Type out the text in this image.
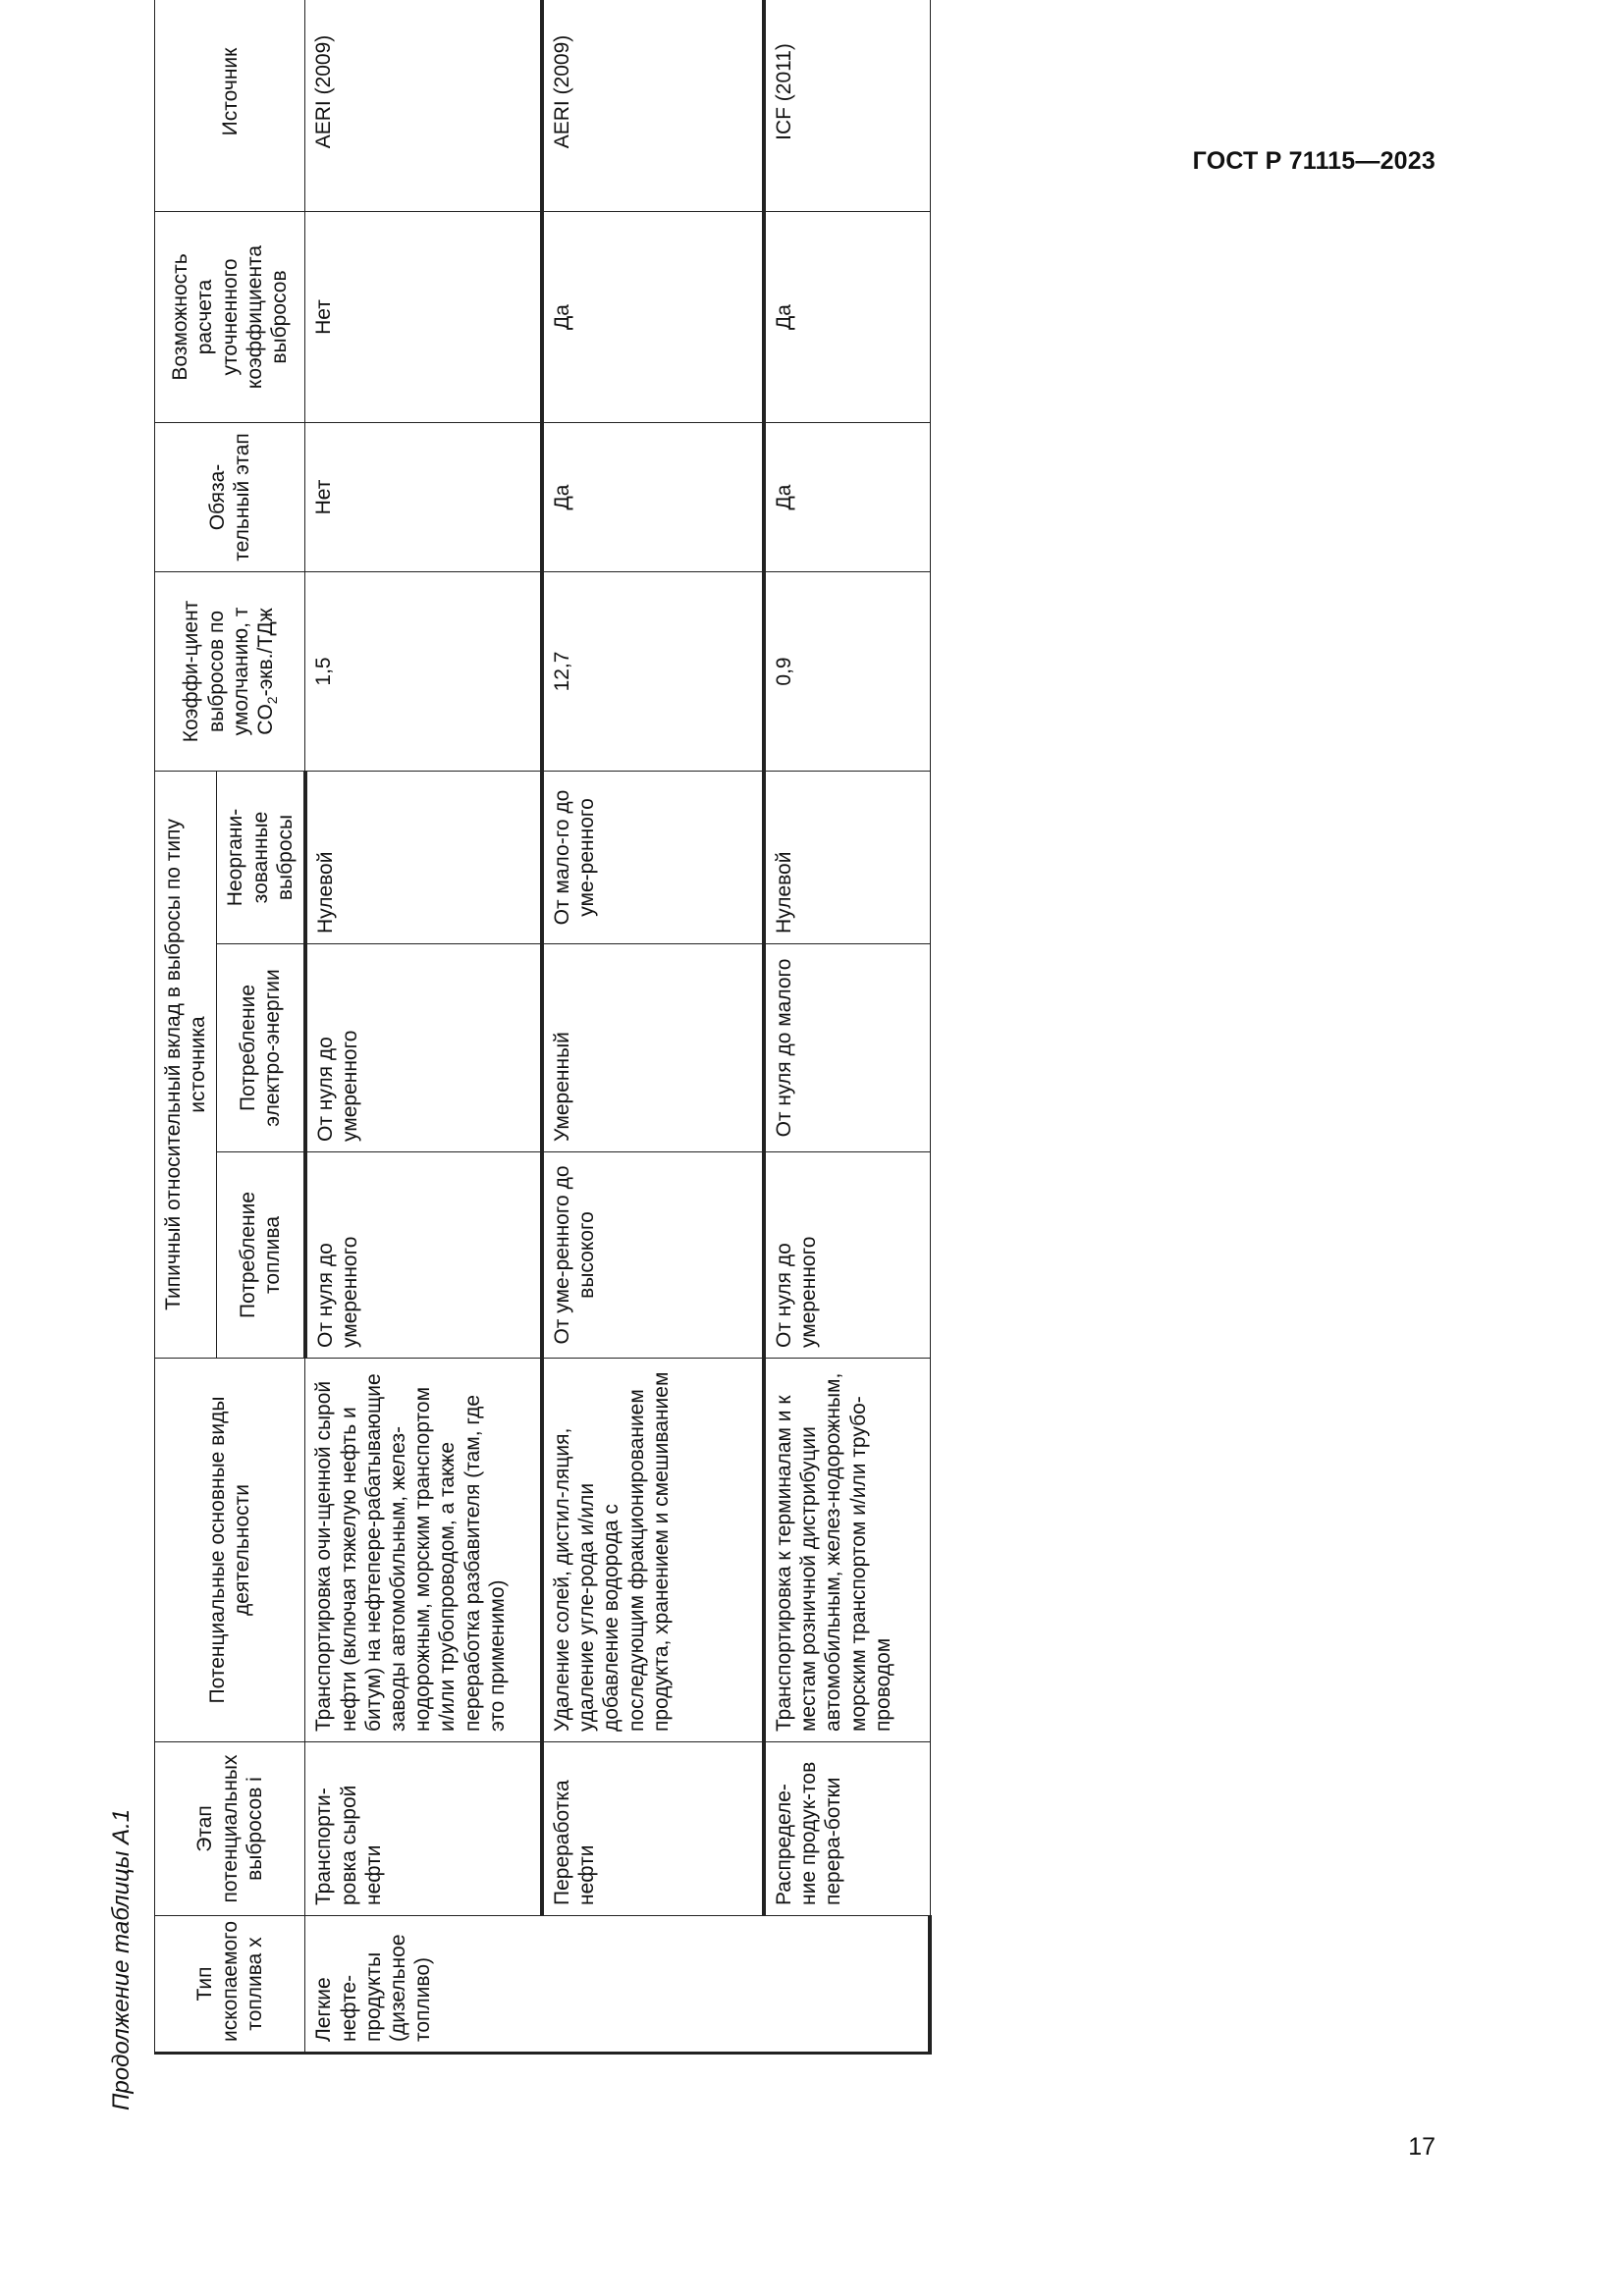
ГОСТ Р 71115—2023
Продолжение таблицы А.1	Тип ископаемого топлива x	Этап потенциальных выбросов i	Потенциальные основные виды деятельности	Типичный относительный вклад в выбросы по типу источника			Коэффи-циент выбросов по умолчанию, т $CO_2-экв$./ТДж	Обяза-тельный этап	Возможность расчета уточненного коэффициента выбросов	Источник
			Потребление топлива	Потребление электро-энергии	Неоргани-зованные выбросы				
Легкие нефте-продукты (дизельное топливо)	Транспорти-ровка сырой нефти	Транспортировка очи-щенной сырой нефти (включая тяжелую нефть и битум) на нефтепере-рабатывающие заводы автомобильным, желез-нодорожным, морским транспортом и/или трубопроводом, а также переработка разбавителя (там, где это применимо)	От нуля до умеренного	От нуля до умеренного	Нулевой	1,5	Нет	Нет	AERI (2009)
	Переработка нефти	Удаление солей, дистил-ляция, удаление угле-рода и/или добавление водорода с последующим фракционированием продукта, хранением и смешиванием	От уме-ренного до высокого	Умеренный	От мало-го до уме-ренного	12,7	Да	Да	AERI (2009)
	Распределе-ние продук-тов перера-ботки	Транспортировка к терминалам и к местам розничной дистрибуции автомобильным, желез-нодорожным, морским транспортом и/или трубо-проводом	От нуля до умеренного	От нуля до малого	Нулевой	0,9	Да	Да	ICF (2011)
17
